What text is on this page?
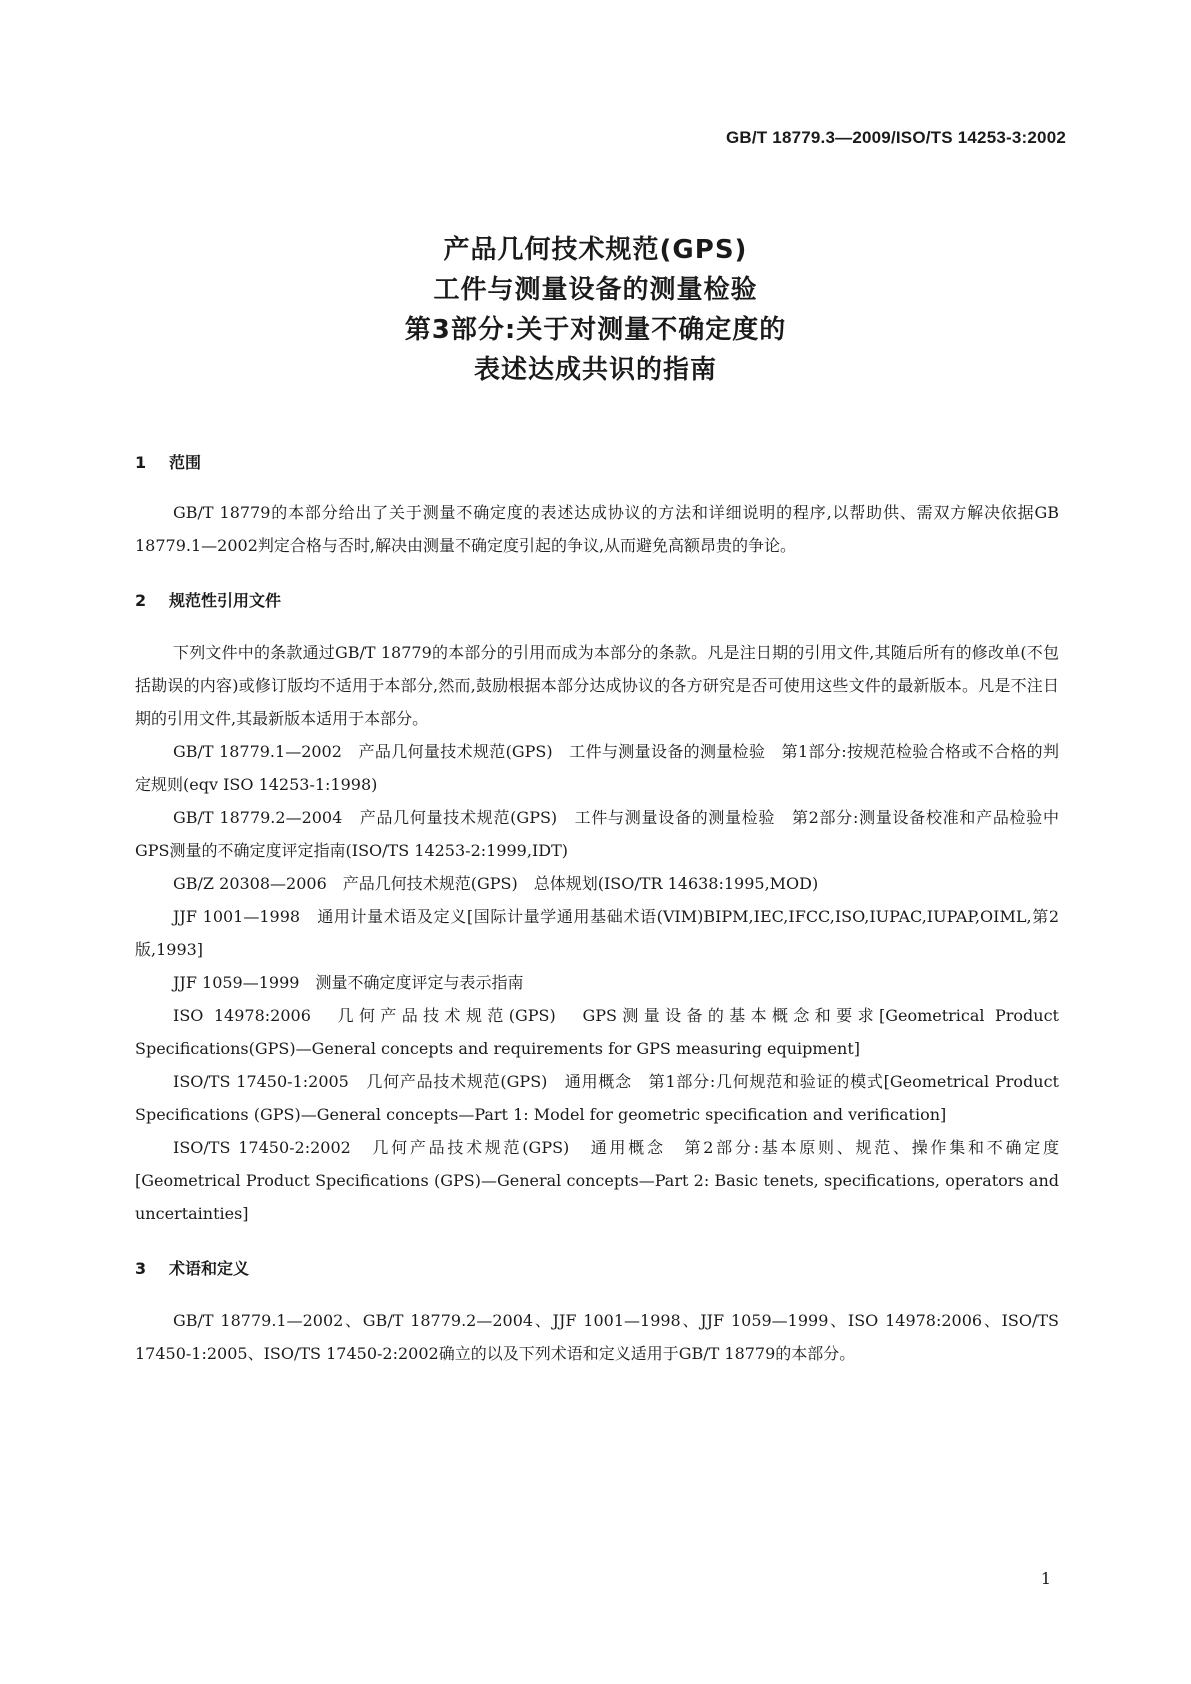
GB/T 18779.3—2009/ISO/TS 14253-3:2002
产品几何技术规范(GPS)
工件与测量设备的测量检验
第3部分:关于对测量不确定度的
表述达成共识的指南

1 范围

GB/T 18779的本部分给出了关于测量不确定度的表述达成协议的方法和详细说明的程序,以帮助供、需双方解决依据GB 18779.1—2002判定合格与否时,解决由测量不确定度引起的争议,从而避免高额昂贵的争论。

2 规范性引用文件

下列文件中的条款通过GB/T 18779的本部分的引用而成为本部分的条款。凡是注日期的引用文件,其随后所有的修改单(不包括勘误的内容)或修订版均不适用于本部分,然而,鼓励根据本部分达成协议的各方研究是否可使用这些文件的最新版本。凡是不注日期的引用文件,其最新版本适用于本部分。

GB/T 18779.1—2002　产品几何量技术规范(GPS)　工件与测量设备的测量检验　第1部分:按规范检验合格或不合格的判定规则(eqv ISO 14253-1:1998)

GB/T 18779.2—2004　产品几何量技术规范(GPS)　工件与测量设备的测量检验　第2部分:测量设备校准和产品检验中GPS测量的不确定度评定指南(ISO/TS 14253-2:1999,IDT)

GB/Z 20308—2006　产品几何技术规范(GPS)　总体规划(ISO/TR 14638:1995,MOD)

JJF 1001—1998　通用计量术语及定义[国际计量学通用基础术语(VIM)BIPM,IEC,IFCC,ISO,IUPAC,IUPAP,OIML,第2版,1993]

JJF 1059—1999　测量不确定度评定与表示指南

ISO 14978:2006　几何产品技术规范(GPS)　GPS测量设备的基本概念和要求[Geometrical Product Specifications(GPS)—General concepts and requirements for GPS measuring equipment]

ISO/TS 17450-1:2005　几何产品技术规范(GPS)　通用概念　第1部分:几何规范和验证的模式[Geometrical Product Specifications (GPS)—General concepts—Part 1: Model for geometric specification and verification]

ISO/TS 17450-2:2002　几何产品技术规范(GPS)　通用概念　第2部分:基本原则、规范、操作集和不确定度[Geometrical Product Specifications (GPS)—General concepts—Part 2: Basic tenets, specifications, operators and uncertainties]

3 术语和定义

GB/T 18779.1—2002、GB/T 18779.2—2004、JJF 1001—1998、JJF 1059—1999、ISO 14978:2006、ISO/TS 17450-1:2005、ISO/TS 17450-2:2002确立的以及下列术语和定义适用于GB/T 18779的本部分。

1
